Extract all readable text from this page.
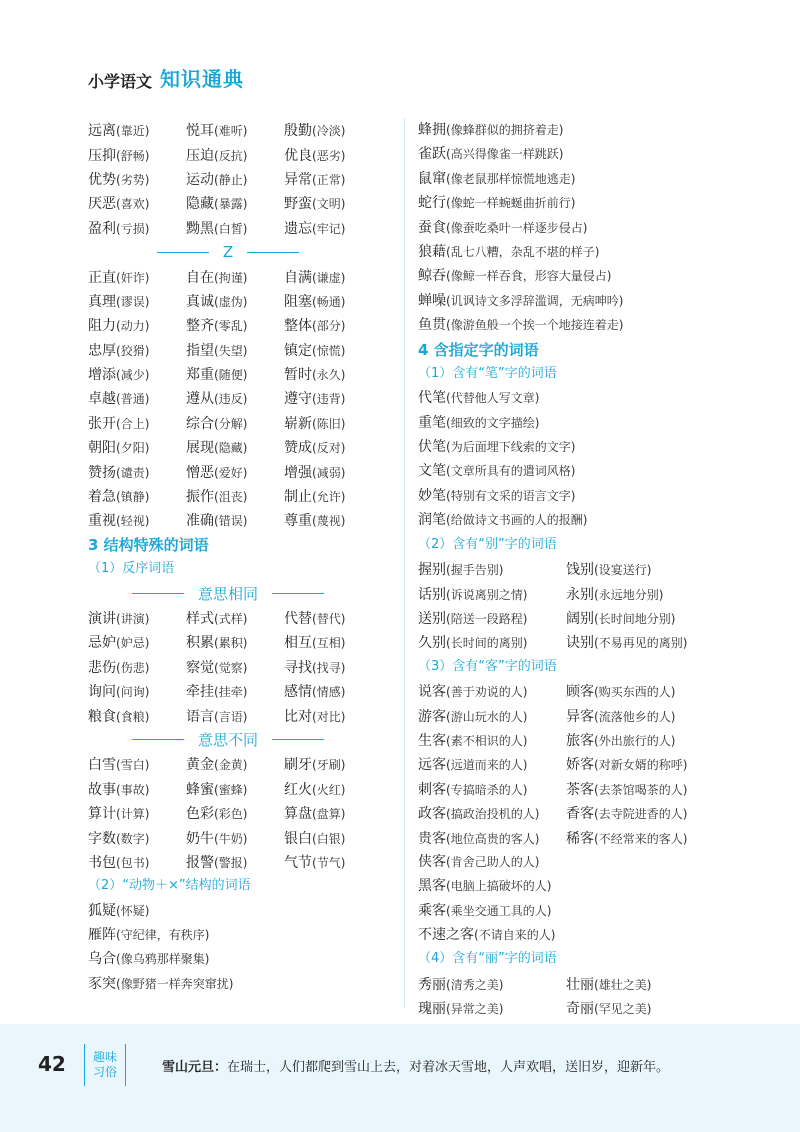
小学语文 知识通典
远离(靠近)	悦耳(难听)	殷勤(冷淡)
压抑(舒畅)	压迫(反抗)	优良(恶劣)
优势(劣势)	运动(静止)	异常(正常)
厌恶(喜欢)	隐藏(暴露)	野蛮(文明)
盈利(亏损)	黝黑(白皙)	遗忘(牢记)
Z
正直(奸诈)	自在(拘谨)	自满(谦虚)
真理(谬误)	真诚(虚伪)	阻塞(畅通)
阻力(动力)	整齐(零乱)	整体(部分)
忠厚(狡猾)	指望(失望)	镇定(惊慌)
增添(减少)	郑重(随便)	暂时(永久)
卓越(普通)	遵从(违反)	遵守(违背)
张开(合上)	综合(分解)	崭新(陈旧)
朝阳(夕阳)	展现(隐藏)	赞成(反对)
赞扬(谴责)	憎恶(爱好)	增强(减弱)
着急(镇静)	振作(沮丧)	制止(允许)
重视(轻视)	准确(错误)	尊重(蔑视)
3 结构特殊的词语
（1）反序词语
意思相同
演讲(讲演)	样式(式样)	代替(替代)
忌妒(妒忌)	积累(累积)	相互(互相)
悲伤(伤悲)	察觉(觉察)	寻找(找寻)
询问(问询)	牵挂(挂牵)	感情(情感)
粮食(食粮)	语言(言语)	比对(对比)
意思不同
白雪(雪白)	黄金(金黄)	刷牙(牙刷)
故事(事故)	蜂蜜(蜜蜂)	红火(火红)
算计(计算)	色彩(彩色)	算盘(盘算)
字数(数字)	奶牛(牛奶)	银白(白银)
书包(包书)	报警(警报)	气节(节气)
（2）“动物＋×”结构的词语
狐疑(怀疑)
雁阵(守纪律，有秩序)
乌合(像乌鸦那样聚集)
豕突(像野猪一样奔突窜扰)
蜂拥(像蜂群似的拥挤着走)
雀跃(高兴得像雀一样跳跃)
鼠窜(像老鼠那样惊慌地逃走)
蛇行(像蛇一样蜿蜒曲折前行)
蚕食(像蚕吃桑叶一样逐步侵占)
狼藉(乱七八糟，杂乱不堪的样子)
鲸吞(像鲸一样吞食，形容大量侵占)
蝉噪(讥讽诗文多浮辞滥调，无病呻吟)
鱼贯(像游鱼般一个挨一个地接连着走)
4 含指定字的词语
（1）含有“笔”字的词语
代笔(代替他人写文章)
重笔(细致的文字描绘)
伏笔(为后面埋下线索的文字)
文笔(文章所具有的遣词风格)
妙笔(特别有文采的语言文字)
润笔(给做诗文书画的人的报酬)
（2）含有“别”字的词语
握别(握手告别)	饯别(设宴送行)
话别(诉说离别之情)	永别(永远地分别)
送别(陪送一段路程)	阔别(长时间地分别)
久别(长时间的离别)	诀别(不易再见的离别)
（3）含有“客”字的词语
说客(善于劝说的人)	顾客(购买东西的人)
游客(游山玩水的人)	异客(流落他乡的人)
生客(素不相识的人)	旅客(外出旅行的人)
远客(远道而来的人)	娇客(对新女婿的称呼)
刺客(专搞暗杀的人)	茶客(去茶馆喝茶的人)
政客(搞政治投机的人)	香客(去寺院进香的人)
贵客(地位高贵的客人)	稀客(不经常来的客人)
侠客(肯舍己助人的人)
黑客(电脑上搞破坏的人)
乘客(乘坐交通工具的人)
不速之客(不请自来的人)
（4）含有“丽”字的词语
秀丽(清秀之美)	壮丽(雄壮之美)
瑰丽(异常之美)	奇丽(罕见之美)
42 趣味
习俗	雪山元旦：在瑞士，人们都爬到雪山上去，对着冰天雪地，人声欢唱，送旧岁，迎新年。
